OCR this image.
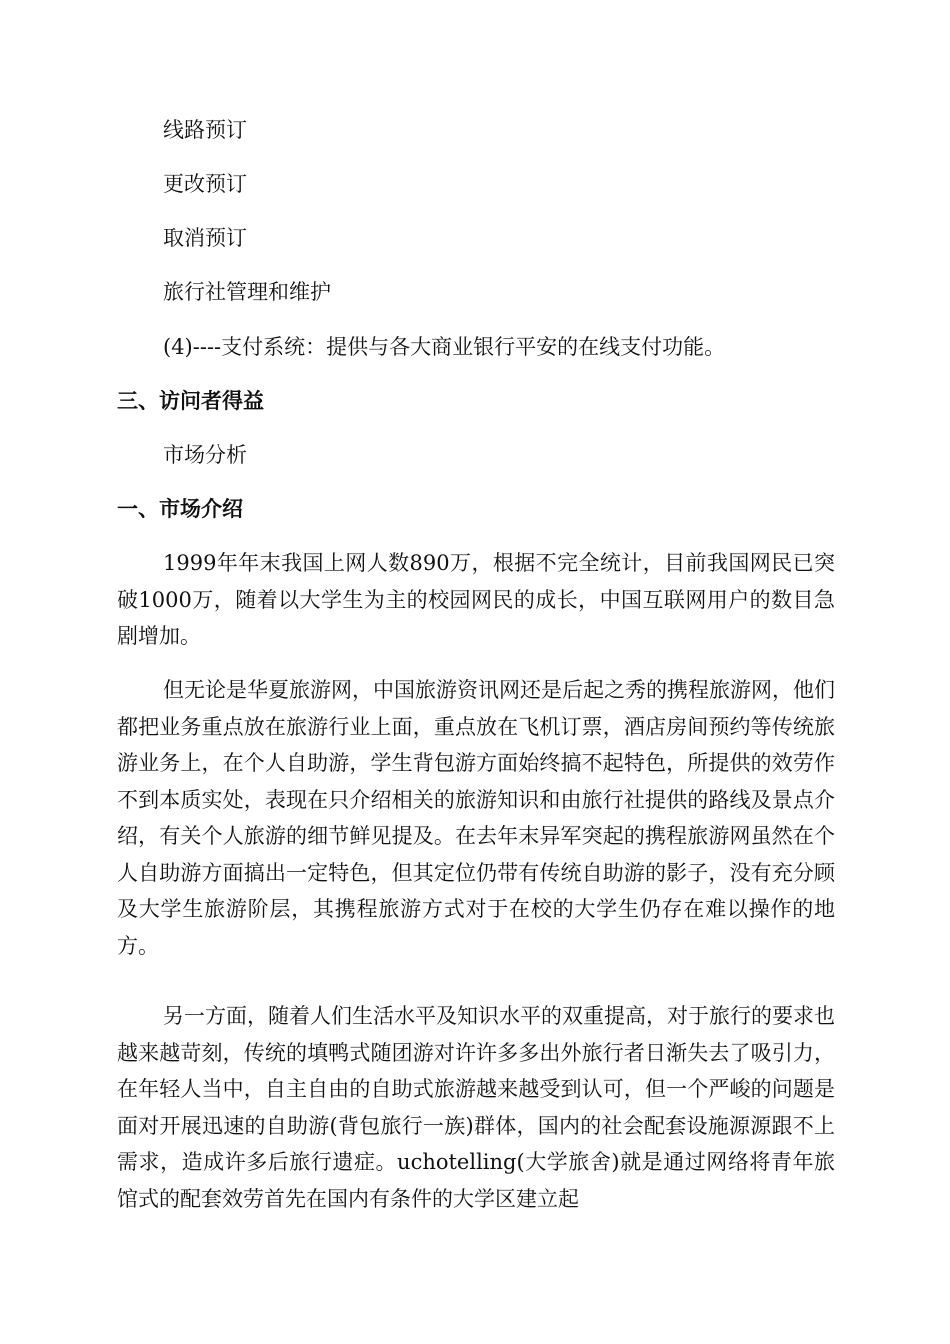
线路预订
更改预订
取消预订
旅行社管理和维护
(4)----支付系统：提供与各大商业银行平安的在线支付功能。
三、访问者得益
市场分析
一、市场介绍
1999年年末我国上网人数890万，根据不完全统计，目前我国网民已突破1000万，随着以大学生为主的校园网民的成长，中国互联网用户的数目急剧增加。
但无论是华夏旅游网，中国旅游资讯网还是后起之秀的携程旅游网，他们都把业务重点放在旅游行业上面，重点放在飞机订票，酒店房间预约等传统旅游业务上，在个人自助游，学生背包游方面始终搞不起特色，所提供的效劳作不到本质实处，表现在只介绍相关的旅游知识和由旅行社提供的路线及景点介绍，有关个人旅游的细节鲜见提及。在去年末异军突起的携程旅游网虽然在个人自助游方面搞出一定特色，但其定位仍带有传统自助游的影子，没有充分顾及大学生旅游阶层，其携程旅游方式对于在校的大学生仍存在难以操作的地方。
另一方面，随着人们生活水平及知识水平的双重提高，对于旅行的要求也越来越苛刻，传统的填鸭式随团游对许许多多出外旅行者日渐失去了吸引力，在年轻人当中，自主自由的自助式旅游越来越受到认可，但一个严峻的问题是面对开展迅速的自助游(背包旅行一族)群体，国内的社会配套设施源源跟不上需求，造成许多后旅行遗症。uchotelling(大学旅舍)就是通过网络将青年旅馆式的配套效劳首先在国内有条件的大学区建立起
